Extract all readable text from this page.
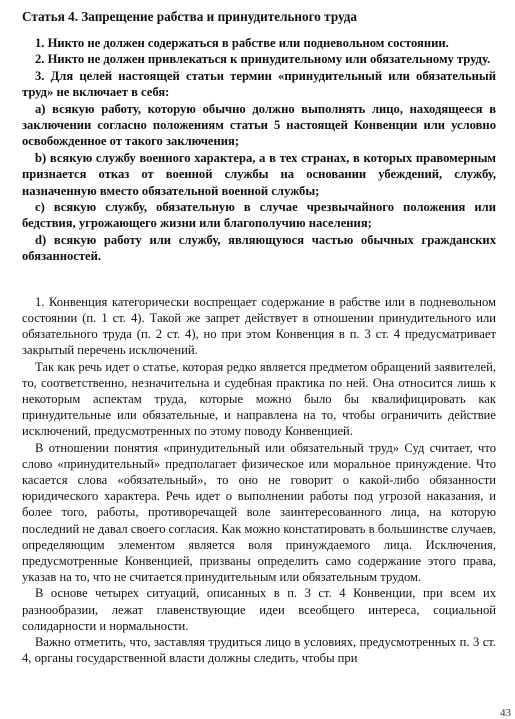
Статья 4. Запрещение рабства и принудительного труда

1. Никто не должен содержаться в рабстве или подневольном состоянии.

2. Никто не должен привлекаться к принудительному или обязательному труду.

3. Для целей настоящей статьи термин «принудительный или обязательный труд» не включает в себя:

a) всякую работу, которую обычно должно выполнять лицо, находящееся в заключении согласно положениям статьи 5 настоящей Конвенции или условно освобожденное от такого заключения;

b) всякую службу военного характера, а в тех странах, в которых правомерным признается отказ от военной службы на основании убеждений, службу, назначенную вместо обязательной военной службы;

c) всякую службу, обязательную в случае чрезвычайного положения или бедствия, угрожающего жизни или благополучию населения;

d) всякую работу или службу, являющуюся частью обычных гражданских обязанностей.

1. Конвенция категорически воспрещает содержание в рабстве или в подневольном состоянии (п. 1 ст. 4). Такой же запрет действует в отношении принудительного или обязательного труда (п. 2 ст. 4), но при этом Конвенция в п. 3 ст. 4 предусматривает закрытый перечень исключений.

Так как речь идет о статье, которая редко является предметом обращений заявителей, то, соответственно, незначительна и судебная практика по ней. Она относится лишь к некоторым аспектам труда, которые можно было бы квалифицировать как принудительные или обязательные, и направлена на то, чтобы ограничить действие исключений, предусмотренных по этому поводу Конвенцией.

В отношении понятия «принудительный или обязательный труд» Суд считает, что слово «принудительный» предполагает физическое или моральное принуждение. Что касается слова «обязательный», то оно не говорит о какой-либо обязанности юридического характера. Речь идет о выполнении работы под угрозой наказания, и более того, работы, противоречащей воле заинтересованного лица, на которую последний не давал своего согласия. Как можно констатировать в большинстве случаев, определяющим элементом является воля принуждаемого лица. Исключения, предусмотренные Конвенцией, призваны определить само содержание этого права, указав на то, что не считается принудительным или обязательным трудом.

В основе четырех ситуаций, описанных в п. 3 ст. 4 Конвенции, при всем их разнообразии, лежат главенствующие идеи всеобщего интереса, социальной солидарности и нормальности.

Важно отметить, что, заставляя трудиться лицо в условиях, предусмотренных п. 3 ст. 4, органы государственной власти должны следить, чтобы при

43
